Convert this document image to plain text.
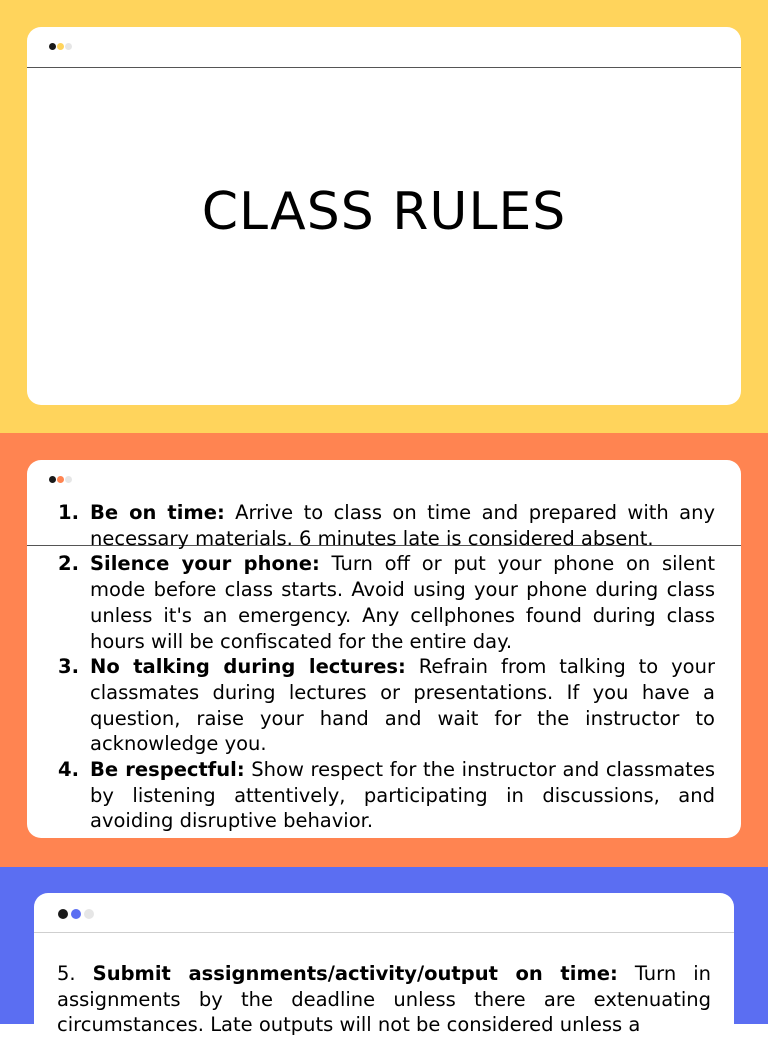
CLASS RULES
1. Be on time: Arrive to class on time and prepared with any necessary materials. 6 minutes late is considered absent.
2. Silence your phone: Turn off or put your phone on silent mode before class starts. Avoid using your phone during class unless it's an emergency. Any cellphones found during class hours will be confiscated for the entire day.
3. No talking during lectures: Refrain from talking to your classmates during lectures or presentations. If you have a question, raise your hand and wait for the instructor to acknowledge you.
4. Be respectful: Show respect for the instructor and classmates by listening attentively, participating in discussions, and avoiding disruptive behavior.

5. Submit assignments/activity/output on time: Turn in assignments by the deadline unless there are extenuating circumstances. Late outputs will not be considered unless a
